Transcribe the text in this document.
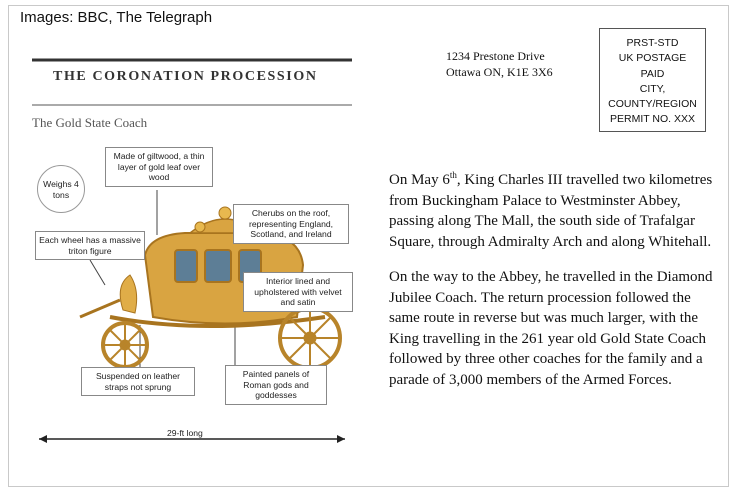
Images: BBC, The Telegraph
1234 Prestone Drive
Ottawa ON, K1E 3X6
PRST-STD
UK POSTAGE
PAID
CITY,
COUNTY/REGION
PERMIT NO. XXX
THE CORONATION PROCESSION
The Gold State Coach
Weighs 4 tons
Made of giltwood, a thin layer of gold leaf over wood
Cherubs on the roof, representing England, Scotland, and Ireland
Each wheel has a massive triton figure
Interior lined and upholstered with velvet and satin
Suspended on leather straps not sprung
Painted panels of Roman gods and goddesses
29-ft long

On May 6th, King Charles III travelled two kilometres from Buckingham Palace to Westminster Abbey, passing along The Mall, the south side of Trafalgar Square, through Admiralty Arch and along Whitehall.

On the way to the Abbey, he travelled in the Diamond Jubilee Coach. The return procession followed the same route in reverse but was much larger, with the King travelling in the 261 year old Gold State Coach followed by three other coaches for the family and a parade of 3,000 members of the Armed Forces.
